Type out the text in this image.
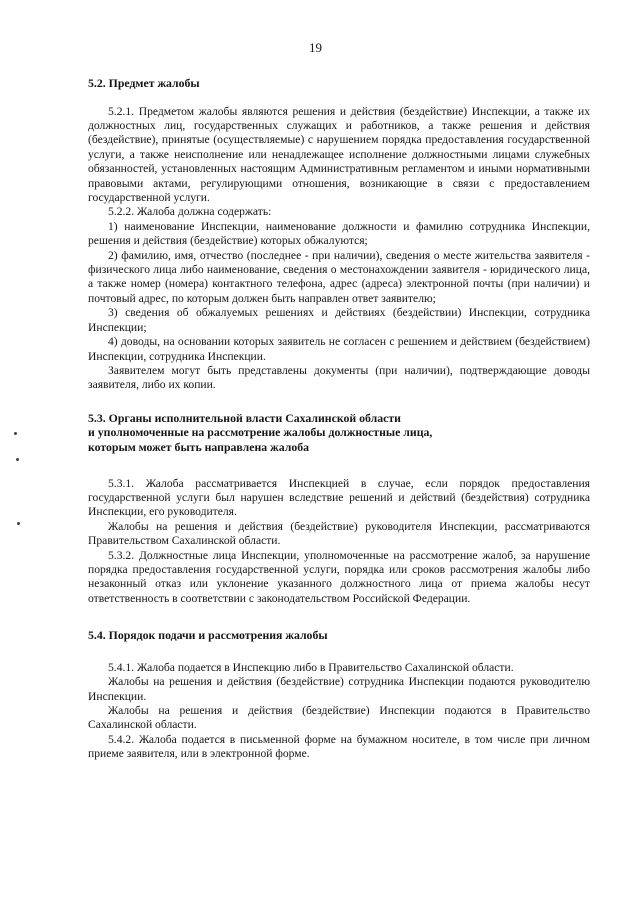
19

5.2. Предмет жалобы

5.2.1. Предметом жалобы являются решения и действия (бездействие) Инспекции, а также их должностных лиц, государственных служащих и работников, а также решения и действия (бездействие), принятые (осуществляемые) с нарушением порядка предоставления государственной услуги, а также неисполнение или ненадлежащее исполнение должностными лицами служебных обязанностей, установленных настоящим Административным регламентом и иными нормативными правовыми актами, регулирующими отношения, возникающие в связи с предоставлением государственной услуги.

5.2.2. Жалоба должна содержать:

1) наименование Инспекции, наименование должности и фамилию сотрудника Инспекции, решения и действия (бездействие) которых обжалуются;

2) фамилию, имя, отчество (последнее - при наличии), сведения о месте жительства заявителя - физического лица либо наименование, сведения о местонахождении заявителя - юридического лица, а также номер (номера) контактного телефона, адрес (адреса) электронной почты (при наличии) и почтовый адрес, по которым должен быть направлен ответ заявителю;

3) сведения об обжалуемых решениях и действиях (бездействии) Инспекции, сотрудника Инспекции;

4) доводы, на основании которых заявитель не согласен с решением и действием (бездействием) Инспекции, сотрудника Инспекции.

Заявителем могут быть представлены документы (при наличии), подтверждающие доводы заявителя, либо их копии.

5.3. Органы исполнительной власти Сахалинской области

и уполномоченные на рассмотрение жалобы должностные лица,

которым может быть направлена жалоба

5.3.1. Жалоба рассматривается Инспекцией в случае, если порядок предоставления государственной услуги был нарушен вследствие решений и действий (бездействия) сотрудника Инспекции, его руководителя.

Жалобы на решения и действия (бездействие) руководителя Инспекции, рассматриваются Правительством Сахалинской области.

5.3.2. Должностные лица Инспекции, уполномоченные на рассмотрение жалоб, за нарушение порядка предоставления государственной услуги, порядка или сроков рассмотрения жалобы либо незаконный отказ или уклонение указанного должностного лица от приема жалобы несут ответственность в соответствии с законодательством Российской Федерации.

5.4. Порядок подачи и рассмотрения жалобы

5.4.1. Жалоба подается в Инспекцию либо в Правительство Сахалинской области.

Жалобы на решения и действия (бездействие) сотрудника Инспекции подаются руководителю Инспекции.

Жалобы на решения и действия (бездействие) Инспекции подаются в Правительство Сахалинской области.

5.4.2. Жалоба подается в письменной форме на бумажном носителе, в том числе при личном приеме заявителя, или в электронной форме.
